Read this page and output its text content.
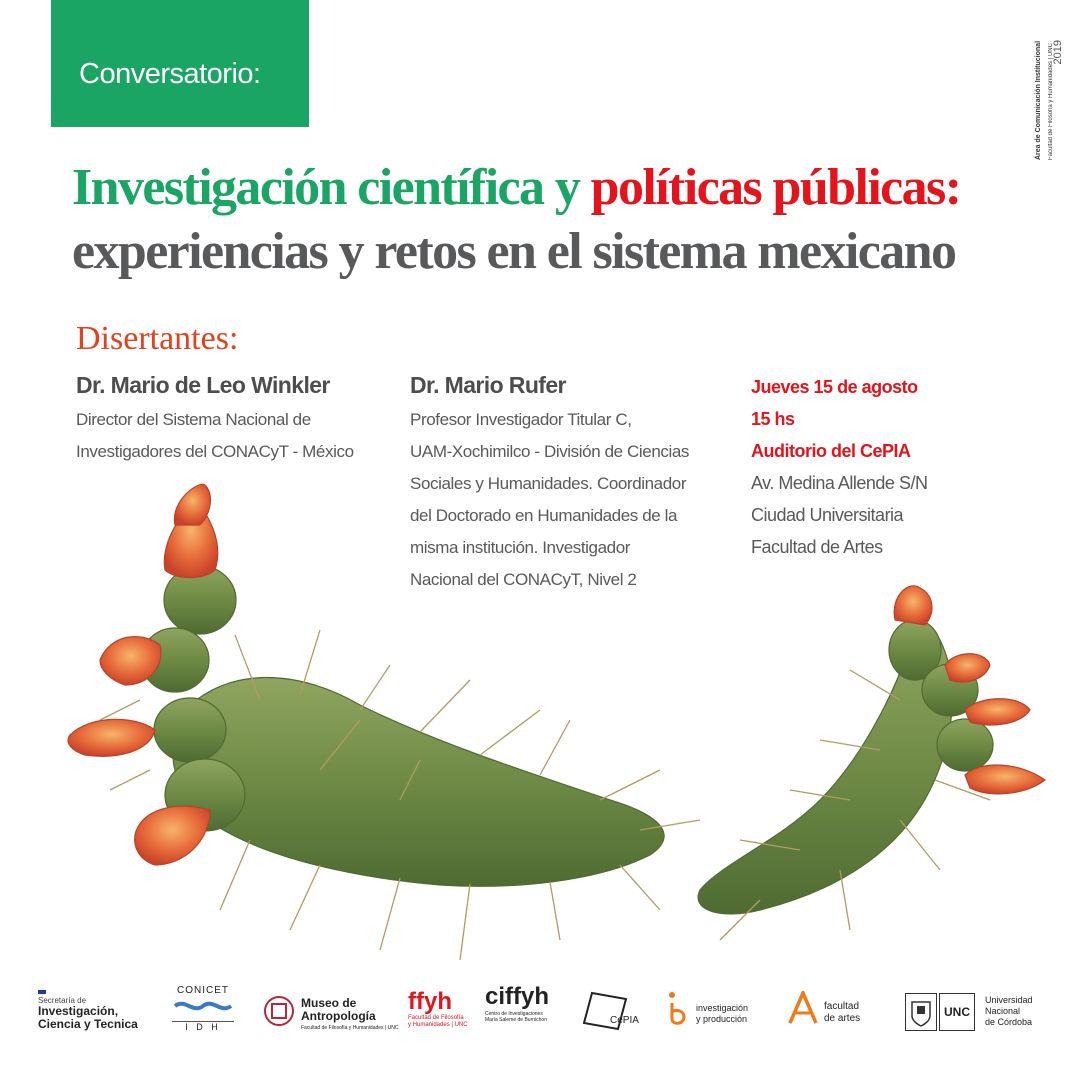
Conversatorio:	Área de Comunicación Institucional	Facultad de Filosofía y Humanidades | UNC
2019
Investigación científica y políticas públicas:
experiencias y retos en el sistema mexicano
Disertantes:
Dr. Mario de Leo Winkler
Director del Sistema Nacional de
Investigadores del CONACyT - México
Dr. Mario Rufer
Profesor Investigador Titular C,
UAM-Xochimilco - División de Ciencias
Sociales y Humanidades. Coordinador
del Doctorado en Humanidades de la
misma institución. Investigador
Nacional del CONACyT, Nivel 2
Jueves 15 de agosto
15 hs
Auditorio del CePIA
Av. Medina Allende S/N
Ciudad Universitaria
Facultad de Artes
Secretaría de
Investigación,
Ciencia y Tecnica
CONICET
I D H
Museo de
Antropología
Facultad de Filosofía y Humanidades | UNC
ffyh
Facultad de Filosofía
y Humanidades | UNC
ciffyh
Centro de Investigaciones
María Saleme de Burnichon	CePIA
investigación
y producción
facultad
de artes	UNC
Universidad
Nacional
de Córdoba
